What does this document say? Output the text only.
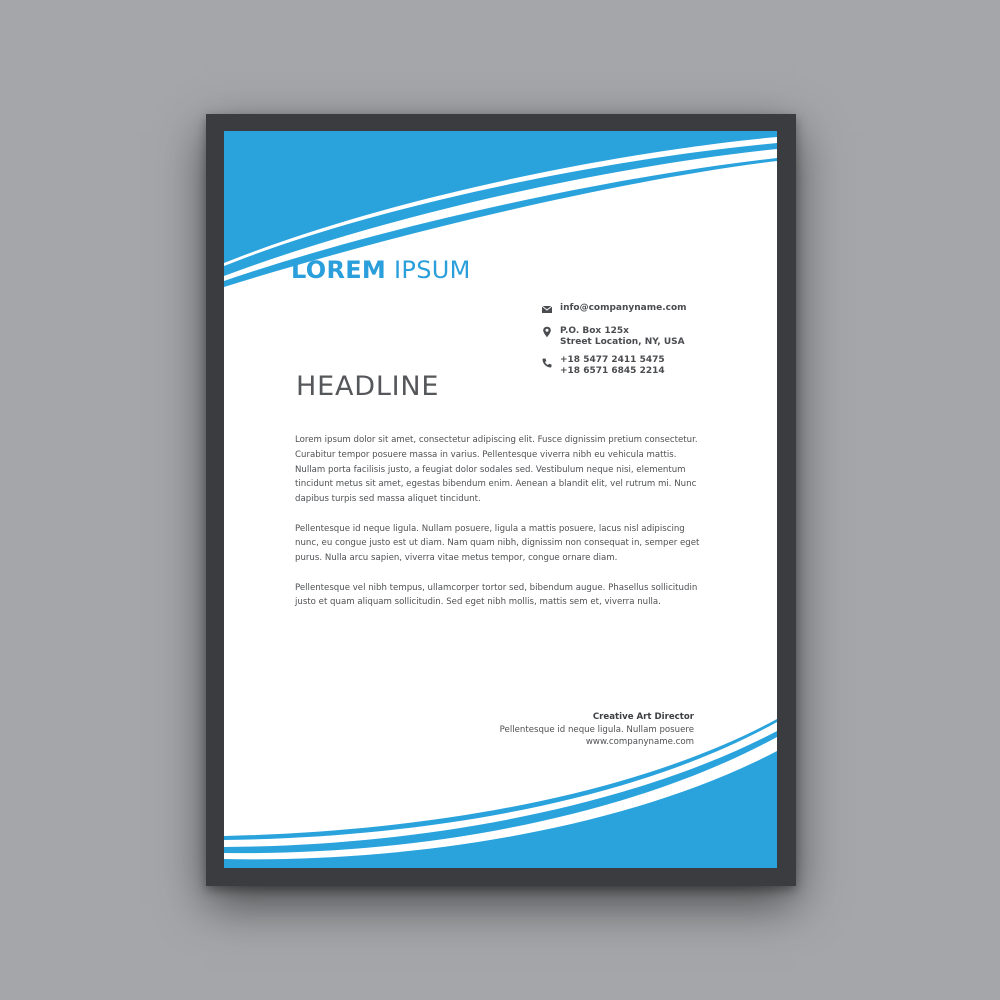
LOREM IPSUM
info@companyname.com
P.O. Box 125x
Street Location, NY, USA
+18 5477 2411 5475
+18 6571 6845 2214
HEADLINE

Lorem ipsum dolor sit amet, consectetur adipiscing elit. Fusce dignissim pretium consectetur. Curabitur tempor posuere massa in varius. Pellentesque viverra nibh eu vehicula mattis. Nullam porta facilisis justo, a feugiat dolor sodales sed. Vestibulum neque nisi, elementum tincidunt metus sit amet, egestas bibendum enim. Aenean a blandit elit, vel rutrum mi. Nunc dapibus turpis sed massa aliquet tincidunt.

Pellentesque id neque ligula. Nullam posuere, ligula a mattis posuere, lacus nisl adipiscing nunc, eu congue justo est ut diam. Nam quam nibh, dignissim non consequat in, semper eget purus. Nulla arcu sapien, viverra vitae metus tempor, congue ornare diam.

Pellentesque vel nibh tempus, ullamcorper tortor sed, bibendum augue. Phasellus sollicitudin justo et quam aliquam sollicitudin. Sed eget nibh mollis, mattis sem et, viverra nulla.

Creative Art Director
Pellentesque id neque ligula. Nullam posuere
www.companyname.com
